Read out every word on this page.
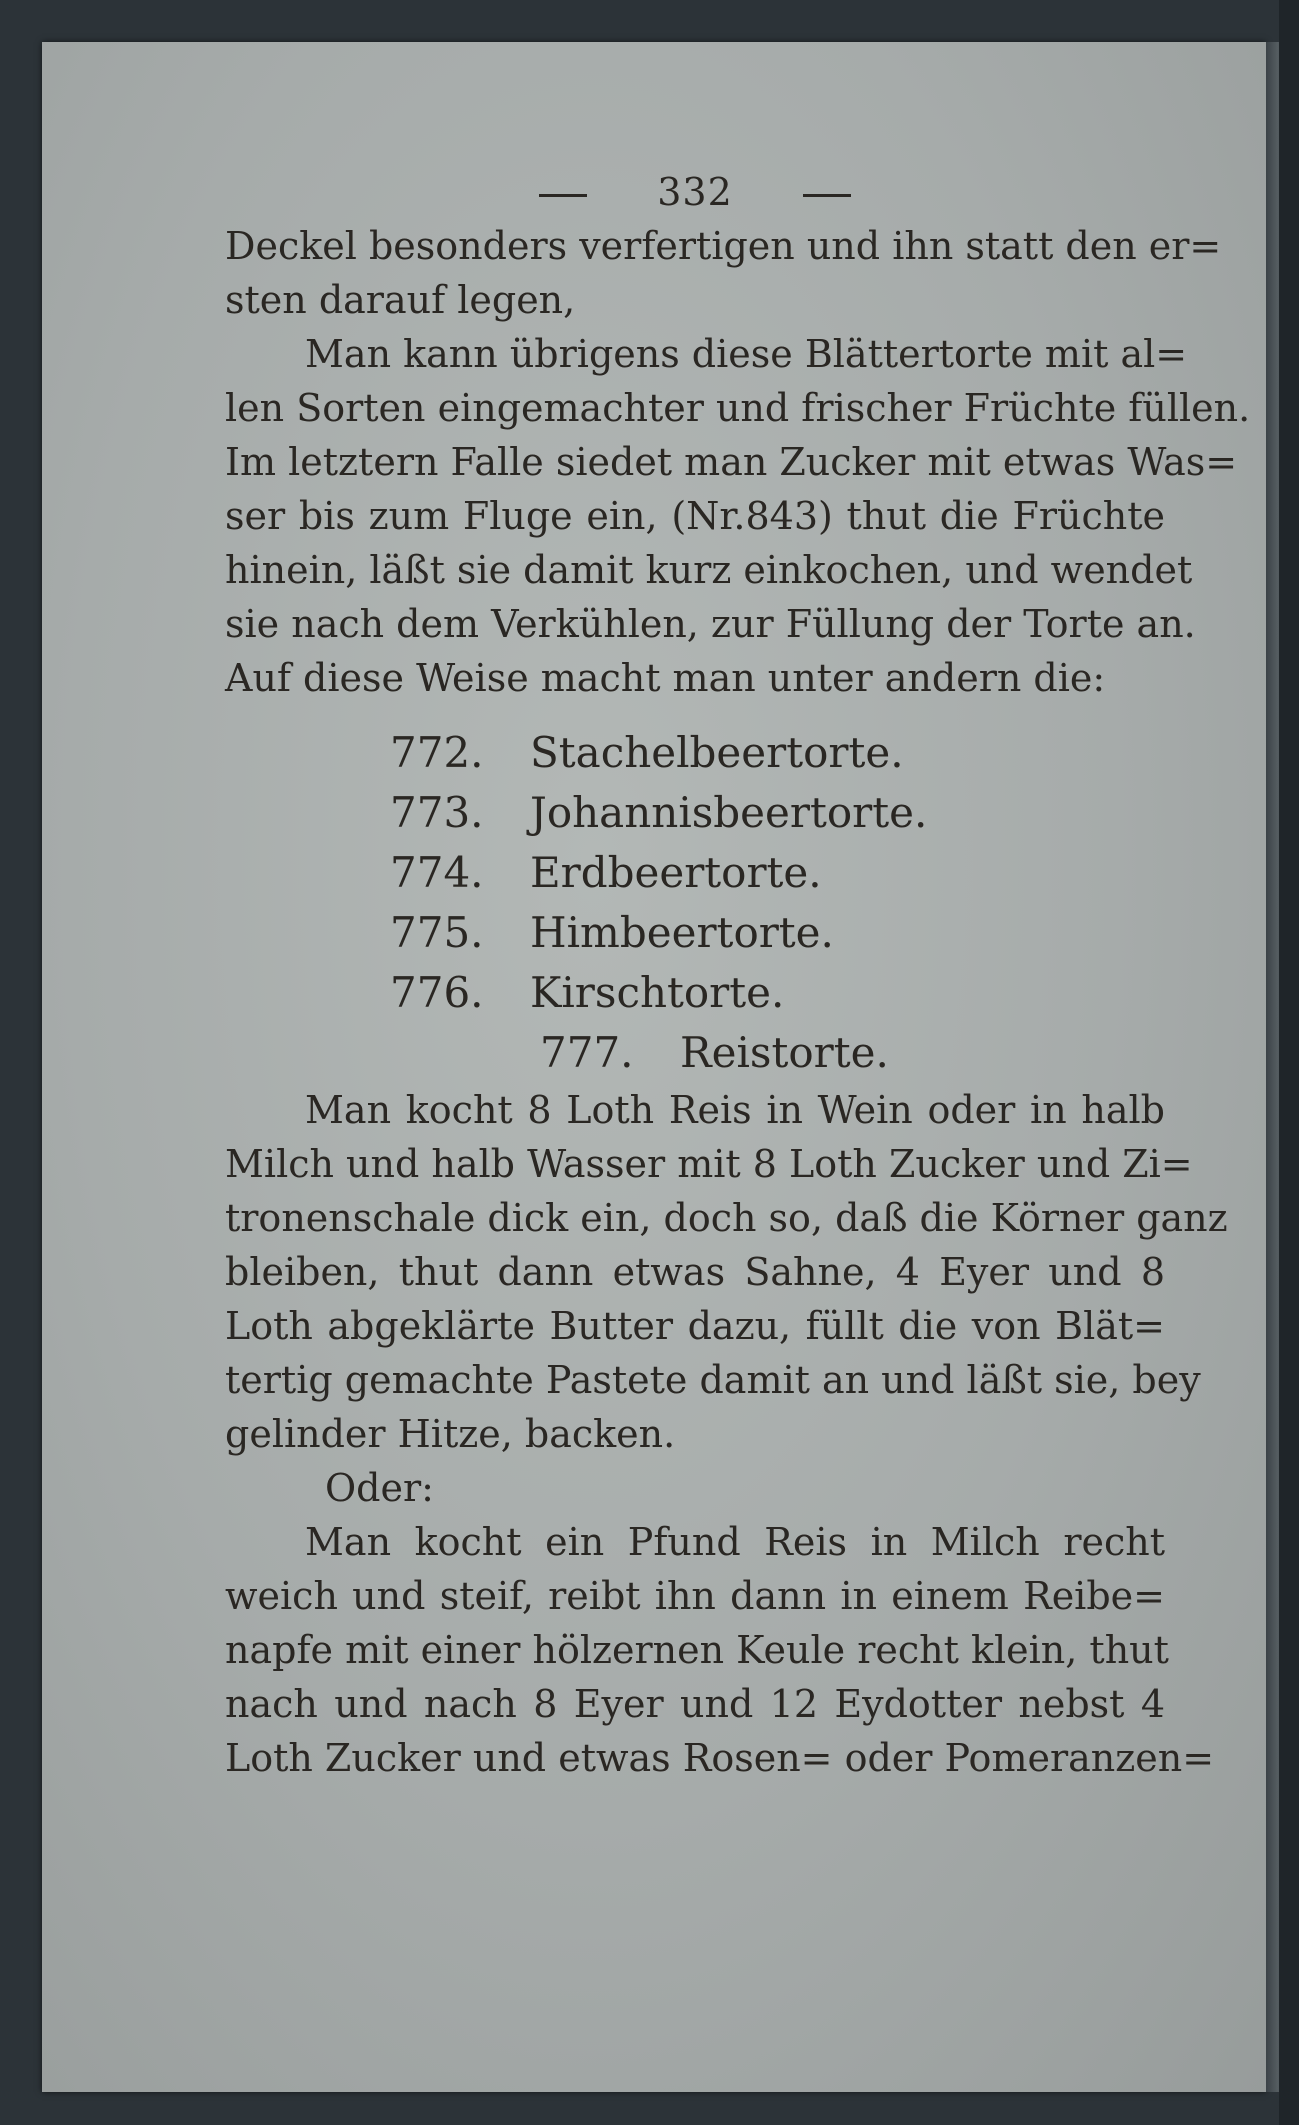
332
Deckel besonders verfertigen und ihn statt den er=
sten darauf legen,
Man kann übrigens diese Blättertorte mit al=
len Sorten eingemachter und frischer Früchte füllen.
Im letztern Falle siedet man Zucker mit etwas Was=
ser bis zum Fluge ein, (Nr.843) thut die Früchte
hinein, läßt sie damit kurz einkochen, und wendet
sie nach dem Verkühlen, zur Füllung der Torte an.
Auf diese Weise macht man unter andern die:
772. Stachelbeertorte.
773. Johannisbeertorte.
774. Erdbeertorte.
775. Himbeertorte.
776. Kirschtorte.
777. Reistorte.
Man kocht 8 Loth Reis in Wein oder in halb
Milch und halb Wasser mit 8 Loth Zucker und Zi=
tronenschale dick ein, doch so, daß die Körner ganz
bleiben, thut dann etwas Sahne, 4 Eyer und 8
Loth abgeklärte Butter dazu, füllt die von Blät=
tertig gemachte Pastete damit an und läßt sie, bey
gelinder Hitze, backen.
Oder:
Man kocht ein Pfund Reis in Milch recht
weich und steif, reibt ihn dann in einem Reibe=
napfe mit einer hölzernen Keule recht klein, thut
nach und nach 8 Eyer und 12 Eydotter nebst 4
Loth Zucker und etwas Rosen= oder Pomeranzen=
